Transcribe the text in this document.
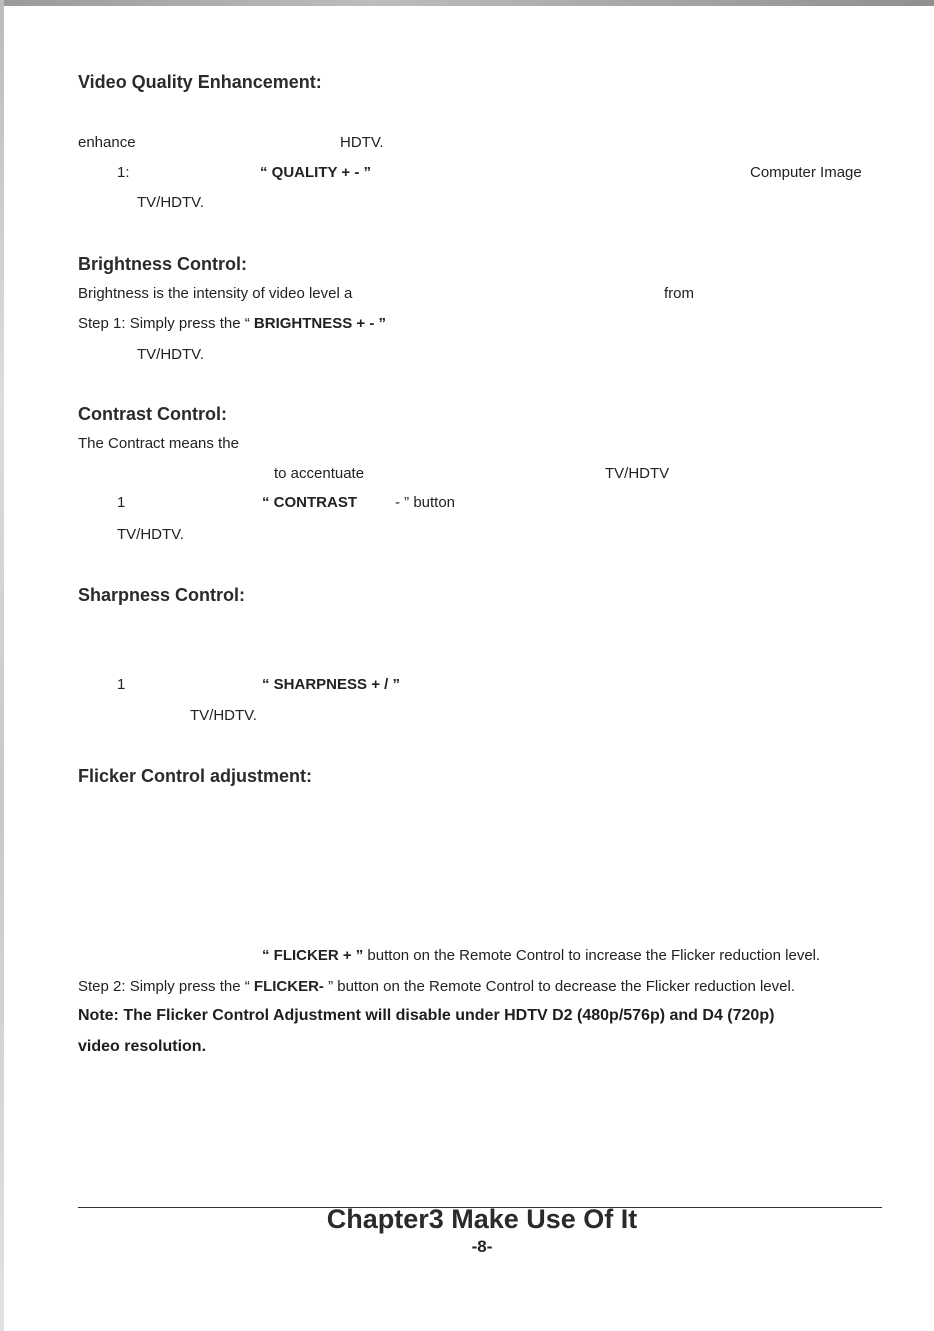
Video Quality Enhancement:
enhance	HDTV.
1:	“ QUALITY + - ”	Computer Image
TV/HDTV.
Brightness Control:
Brightness is the intensity of video level a	from
Step 1: Simply press the “ BRIGHTNESS + - ”
TV/HDTV.
Contrast Control:
The Contract means the
to accentuate	TV/HDTV
1	“ CONTRAST	- ” button
TV/HDTV.
Sharpness Control:
1	“ SHARPNESS + / ”
TV/HDTV.
Flicker Control adjustment:
“ FLICKER + ” button on the Remote Control to increase the Flicker reduction level.
Step 2: Simply press the “ FLICKER- ” button on the Remote Control to decrease the Flicker reduction level.
Note: The Flicker Control Adjustment will disable under HDTV D2 (480p/576p) and D4 (720p)
video resolution.
Chapter3 Make Use Of It
-8-
